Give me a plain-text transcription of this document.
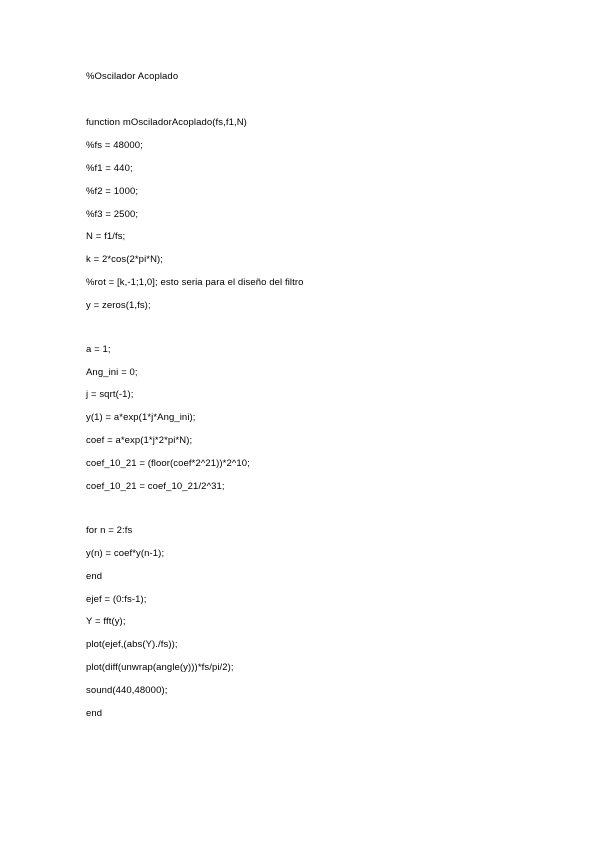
%Oscilador Acoplado
function mOsciladorAcoplado(fs,f1,N)
%fs = 48000;
%f1 = 440;
%f2 = 1000;
%f3 = 2500;
N = f1/fs;
k = 2*cos(2*pi*N);
%rot = [k,-1;1,0]; esto seria para el diseño del filtro
y = zeros(1,fs);
a = 1;
Ang_ini = 0;
j = sqrt(-1);
y(1) = a*exp(1*j*Ang_ini);
coef = a*exp(1*j*2*pi*N);
coef_10_21 = (floor(coef*2^21))*2^10;
coef_10_21 = coef_10_21/2^31;
for n = 2:fs
y(n) = coef*y(n-1);
end
ejef = (0:fs-1);
Y = fft(y);
plot(ejef,(abs(Y)./fs));
plot(diff(unwrap(angle(y)))*fs/pi/2);
sound(440,48000);
end
